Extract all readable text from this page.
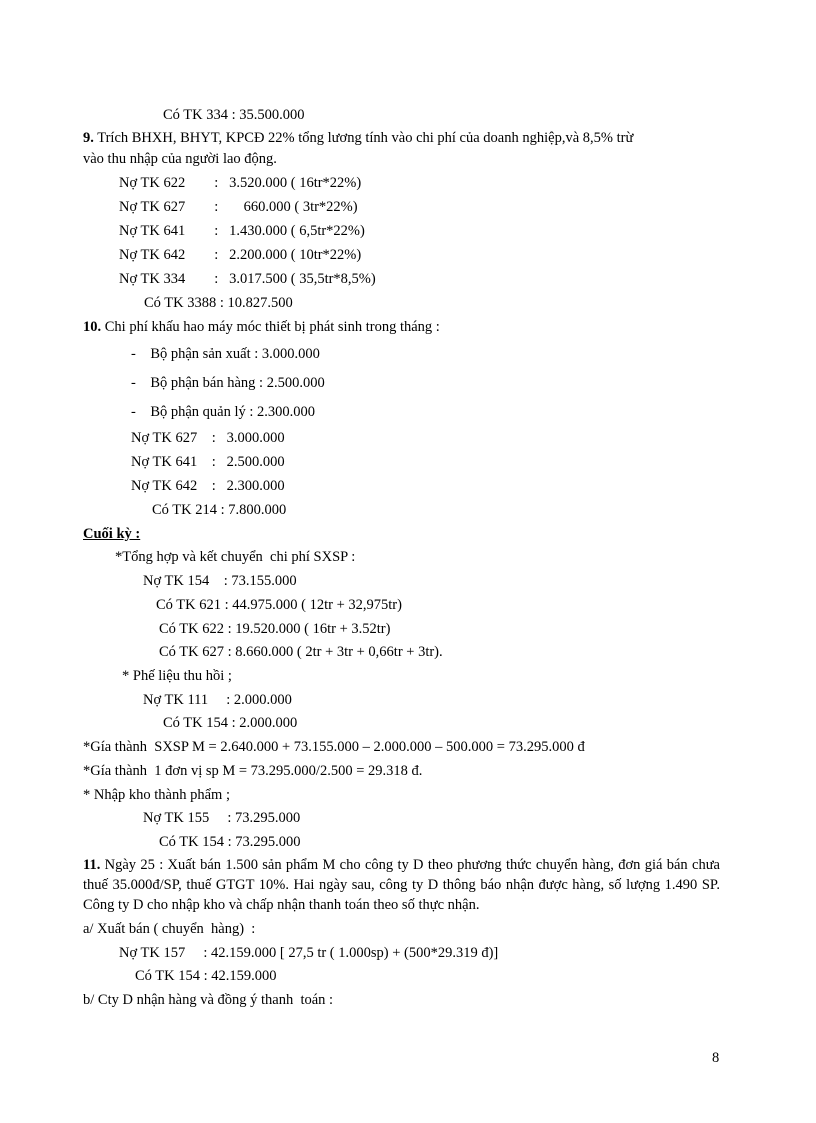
Có TK 334 : 35.500.000
9. Trích BHXH, BHYT, KPCĐ 22% tổng lương tính vào chi phí của doanh nghiệp,và 8,5% trừ
vào thu nhập của người lao động.
Nợ TK 622        :   3.520.000 ( 16tr*22%)
Nợ TK 627        :       660.000 ( 3tr*22%)
Nợ TK 641        :   1.430.000 ( 6,5tr*22%)
Nợ TK 642        :   2.200.000 ( 10tr*22%)
Nợ TK 334        :   3.017.500 ( 35,5tr*8,5%)
Có TK 3388 : 10.827.500
10. Chi phí khấu hao máy móc thiết bị phát sinh trong tháng :
-    Bộ phận sản xuất : 3.000.000
-    Bộ phận bán hàng : 2.500.000
-    Bộ phận quản lý : 2.300.000
Nợ TK 627    :   3.000.000
Nợ TK 641    :   2.500.000
Nợ TK 642    :   2.300.000
Có TK 214 : 7.800.000
Cuối kỳ :
*Tổng hợp và kết chuyển  chi phí SXSP :
Nợ TK 154    : 73.155.000
Có TK 621 : 44.975.000 ( 12tr + 32,975tr)
Có TK 622 : 19.520.000 ( 16tr + 3.52tr)
Có TK 627 : 8.660.000 ( 2tr + 3tr + 0,66tr + 3tr).
* Phế liệu thu hồi ;
Nợ TK 111     : 2.000.000
Có TK 154 : 2.000.000
*Gía thành  SXSP M = 2.640.000 + 73.155.000 – 2.000.000 – 500.000 = 73.295.000 đ
*Gía thành  1 đơn vị sp M = 73.295.000/2.500 = 29.318 đ.
* Nhập kho thành phẩm ;
Nợ TK 155     : 73.295.000
Có TK 154 : 73.295.000
11. Ngày 25 : Xuất bán 1.500 sản phẩm M cho công ty D theo phương thức chuyển hàng, đơn giá bán chưa thuế 35.000đ/SP, thuế GTGT 10%. Hai ngày sau, công ty D thông báo nhận được hàng, số lượng 1.490 SP. Công ty D cho nhập kho và chấp nhận thanh toán theo số thực nhận.
a/ Xuất bán ( chuyển  hàng)  :
Nợ TK 157     : 42.159.000 [ 27,5 tr ( 1.000sp) + (500*29.319 đ)]
Có TK 154 : 42.159.000
b/ Cty D nhận hàng và đồng ý thanh  toán :
8
